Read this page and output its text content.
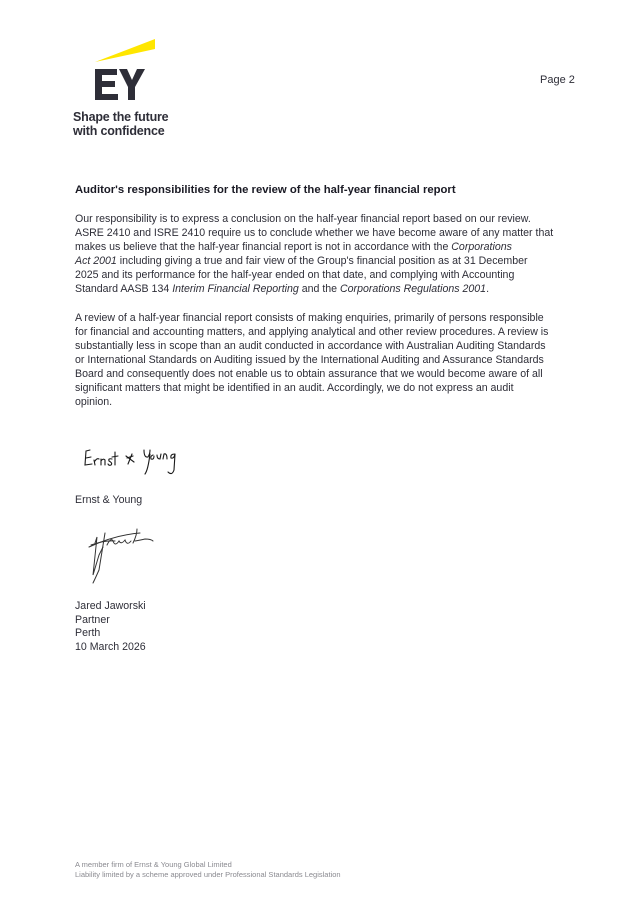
Shape the future
with confidence
Page 2
Auditor's responsibilities for the review of the half-year financial report
Our responsibility is to express a conclusion on the half-year financial report based on our review.
ASRE 2410 and ISRE 2410 require us to conclude whether we have become aware of any matter that
makes us believe that the half-year financial report is not in accordance with the Corporations
Act 2001 including giving a true and fair view of the Group's financial position as at 31 December
2025 and its performance for the half-year ended on that date, and complying with Accounting
Standard AASB 134 Interim Financial Reporting and the Corporations Regulations 2001.
A review of a half-year financial report consists of making enquiries, primarily of persons responsible
for financial and accounting matters, and applying analytical and other review procedures. A review is
substantially less in scope than an audit conducted in accordance with Australian Auditing Standards
or International Standards on Auditing issued by the International Auditing and Assurance Standards
Board and consequently does not enable us to obtain assurance that we would become aware of all
significant matters that might be identified in an audit. Accordingly, we do not express an audit
opinion.
Ernst & Young
Jared Jaworski
Partner
Perth
10 March 2026
A member firm of Ernst & Young Global Limited
Liability limited by a scheme approved under Professional Standards Legislation
